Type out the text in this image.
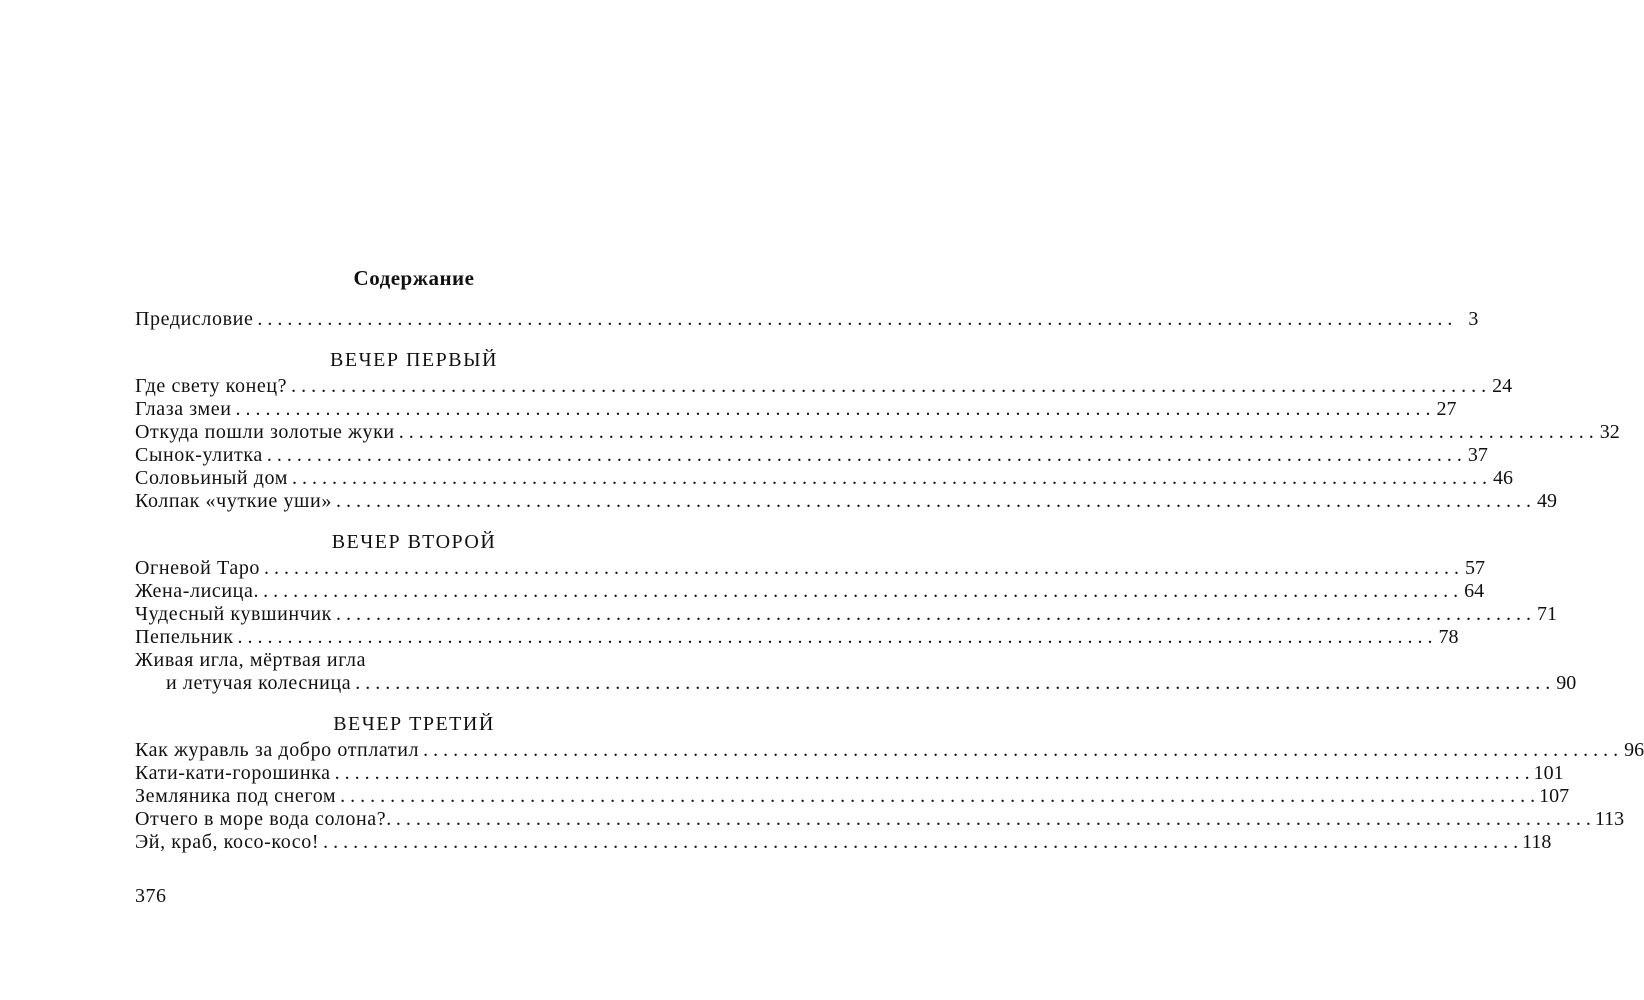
Содержание
Предисловие . . . . . . . . . . . . . . . . . . . . . . . . . . . . . . . . . . . . . . . . . . . . . . . . . . . . . . . . . . . . . . . . . . . . . . . . . . . . . . . . . . . . . . . . . . . . . . . . . . . . . . . . . . . . . . . . . . . . . . . . 3
ВЕЧЕР ПЕРВЫЙ
Где свету конец? . . . . . . . . . . . . . . . . . . . . . . . . . . . . . . . . . . . . . . . . . . . . . . . . . . . . . . . . . . . . . . . . . . . . . . . . . . . . . . . . . . . . . . . . . . . . . . . . . . . . . . . . . . . . . . . . . . . . . . . . 24
Глаза змеи . . . . . . . . . . . . . . . . . . . . . . . . . . . . . . . . . . . . . . . . . . . . . . . . . . . . . . . . . . . . . . . . . . . . . . . . . . . . . . . . . . . . . . . . . . . . . . . . . . . . . . . . . . . . . . . . . . . . . . . . 27
Откуда пошли золотые жуки . . . . . . . . . . . . . . . . . . . . . . . . . . . . . . . . . . . . . . . . . . . . . . . . . . . . . . . . . . . . . . . . . . . . . . . . . . . . . . . . . . . . . . . . . . . . . . . . . . . . . . . . . . . . . . . . . . . . . . . . 32
Сынок-улитка . . . . . . . . . . . . . . . . . . . . . . . . . . . . . . . . . . . . . . . . . . . . . . . . . . . . . . . . . . . . . . . . . . . . . . . . . . . . . . . . . . . . . . . . . . . . . . . . . . . . . . . . . . . . . . . . . . . . . . . . 37
Соловьиный дом . . . . . . . . . . . . . . . . . . . . . . . . . . . . . . . . . . . . . . . . . . . . . . . . . . . . . . . . . . . . . . . . . . . . . . . . . . . . . . . . . . . . . . . . . . . . . . . . . . . . . . . . . . . . . . . . . . . . . . . . 46
Колпак «чуткие уши» . . . . . . . . . . . . . . . . . . . . . . . . . . . . . . . . . . . . . . . . . . . . . . . . . . . . . . . . . . . . . . . . . . . . . . . . . . . . . . . . . . . . . . . . . . . . . . . . . . . . . . . . . . . . . . . . . . . . . . . . 49
ВЕЧЕР ВТОРОЙ
Огневой Таро . . . . . . . . . . . . . . . . . . . . . . . . . . . . . . . . . . . . . . . . . . . . . . . . . . . . . . . . . . . . . . . . . . . . . . . . . . . . . . . . . . . . . . . . . . . . . . . . . . . . . . . . . . . . . . . . . . . . . . . . 57
Жена-лисица. . . . . . . . . . . . . . . . . . . . . . . . . . . . . . . . . . . . . . . . . . . . . . . . . . . . . . . . . . . . . . . . . . . . . . . . . . . . . . . . . . . . . . . . . . . . . . . . . . . . . . . . . . . . . . . . . . . . . . . . . 64
Чудесный кувшинчик . . . . . . . . . . . . . . . . . . . . . . . . . . . . . . . . . . . . . . . . . . . . . . . . . . . . . . . . . . . . . . . . . . . . . . . . . . . . . . . . . . . . . . . . . . . . . . . . . . . . . . . . . . . . . . . . . . . . . . . . 71
Пепельник . . . . . . . . . . . . . . . . . . . . . . . . . . . . . . . . . . . . . . . . . . . . . . . . . . . . . . . . . . . . . . . . . . . . . . . . . . . . . . . . . . . . . . . . . . . . . . . . . . . . . . . . . . . . . . . . . . . . . . . . 78
Живая игла, мёртвая игла
и летучая колесница . . . . . . . . . . . . . . . . . . . . . . . . . . . . . . . . . . . . . . . . . . . . . . . . . . . . . . . . . . . . . . . . . . . . . . . . . . . . . . . . . . . . . . . . . . . . . . . . . . . . . . . . . . . . . . . . . . . . . . . . 90
ВЕЧЕР ТРЕТИЙ
Как журавль за добро отплатил . . . . . . . . . . . . . . . . . . . . . . . . . . . . . . . . . . . . . . . . . . . . . . . . . . . . . . . . . . . . . . . . . . . . . . . . . . . . . . . . . . . . . . . . . . . . . . . . . . . . . . . . . . . . . . . . . . . . . . . . 96
Кати-кати-горошинка . . . . . . . . . . . . . . . . . . . . . . . . . . . . . . . . . . . . . . . . . . . . . . . . . . . . . . . . . . . . . . . . . . . . . . . . . . . . . . . . . . . . . . . . . . . . . . . . . . . . . . . . . . . . . . . . . . . . . . . . 101
Земляника под снегом . . . . . . . . . . . . . . . . . . . . . . . . . . . . . . . . . . . . . . . . . . . . . . . . . . . . . . . . . . . . . . . . . . . . . . . . . . . . . . . . . . . . . . . . . . . . . . . . . . . . . . . . . . . . . . . . . . . . . . . . 107
Отчего в море вода солона?. . . . . . . . . . . . . . . . . . . . . . . . . . . . . . . . . . . . . . . . . . . . . . . . . . . . . . . . . . . . . . . . . . . . . . . . . . . . . . . . . . . . . . . . . . . . . . . . . . . . . . . . . . . . . . . . . . . . . . . . . 113
Эй, краб, косо-косо! . . . . . . . . . . . . . . . . . . . . . . . . . . . . . . . . . . . . . . . . . . . . . . . . . . . . . . . . . . . . . . . . . . . . . . . . . . . . . . . . . . . . . . . . . . . . . . . . . . . . . . . . . . . . . . . . . . . . . . . . 118
376
